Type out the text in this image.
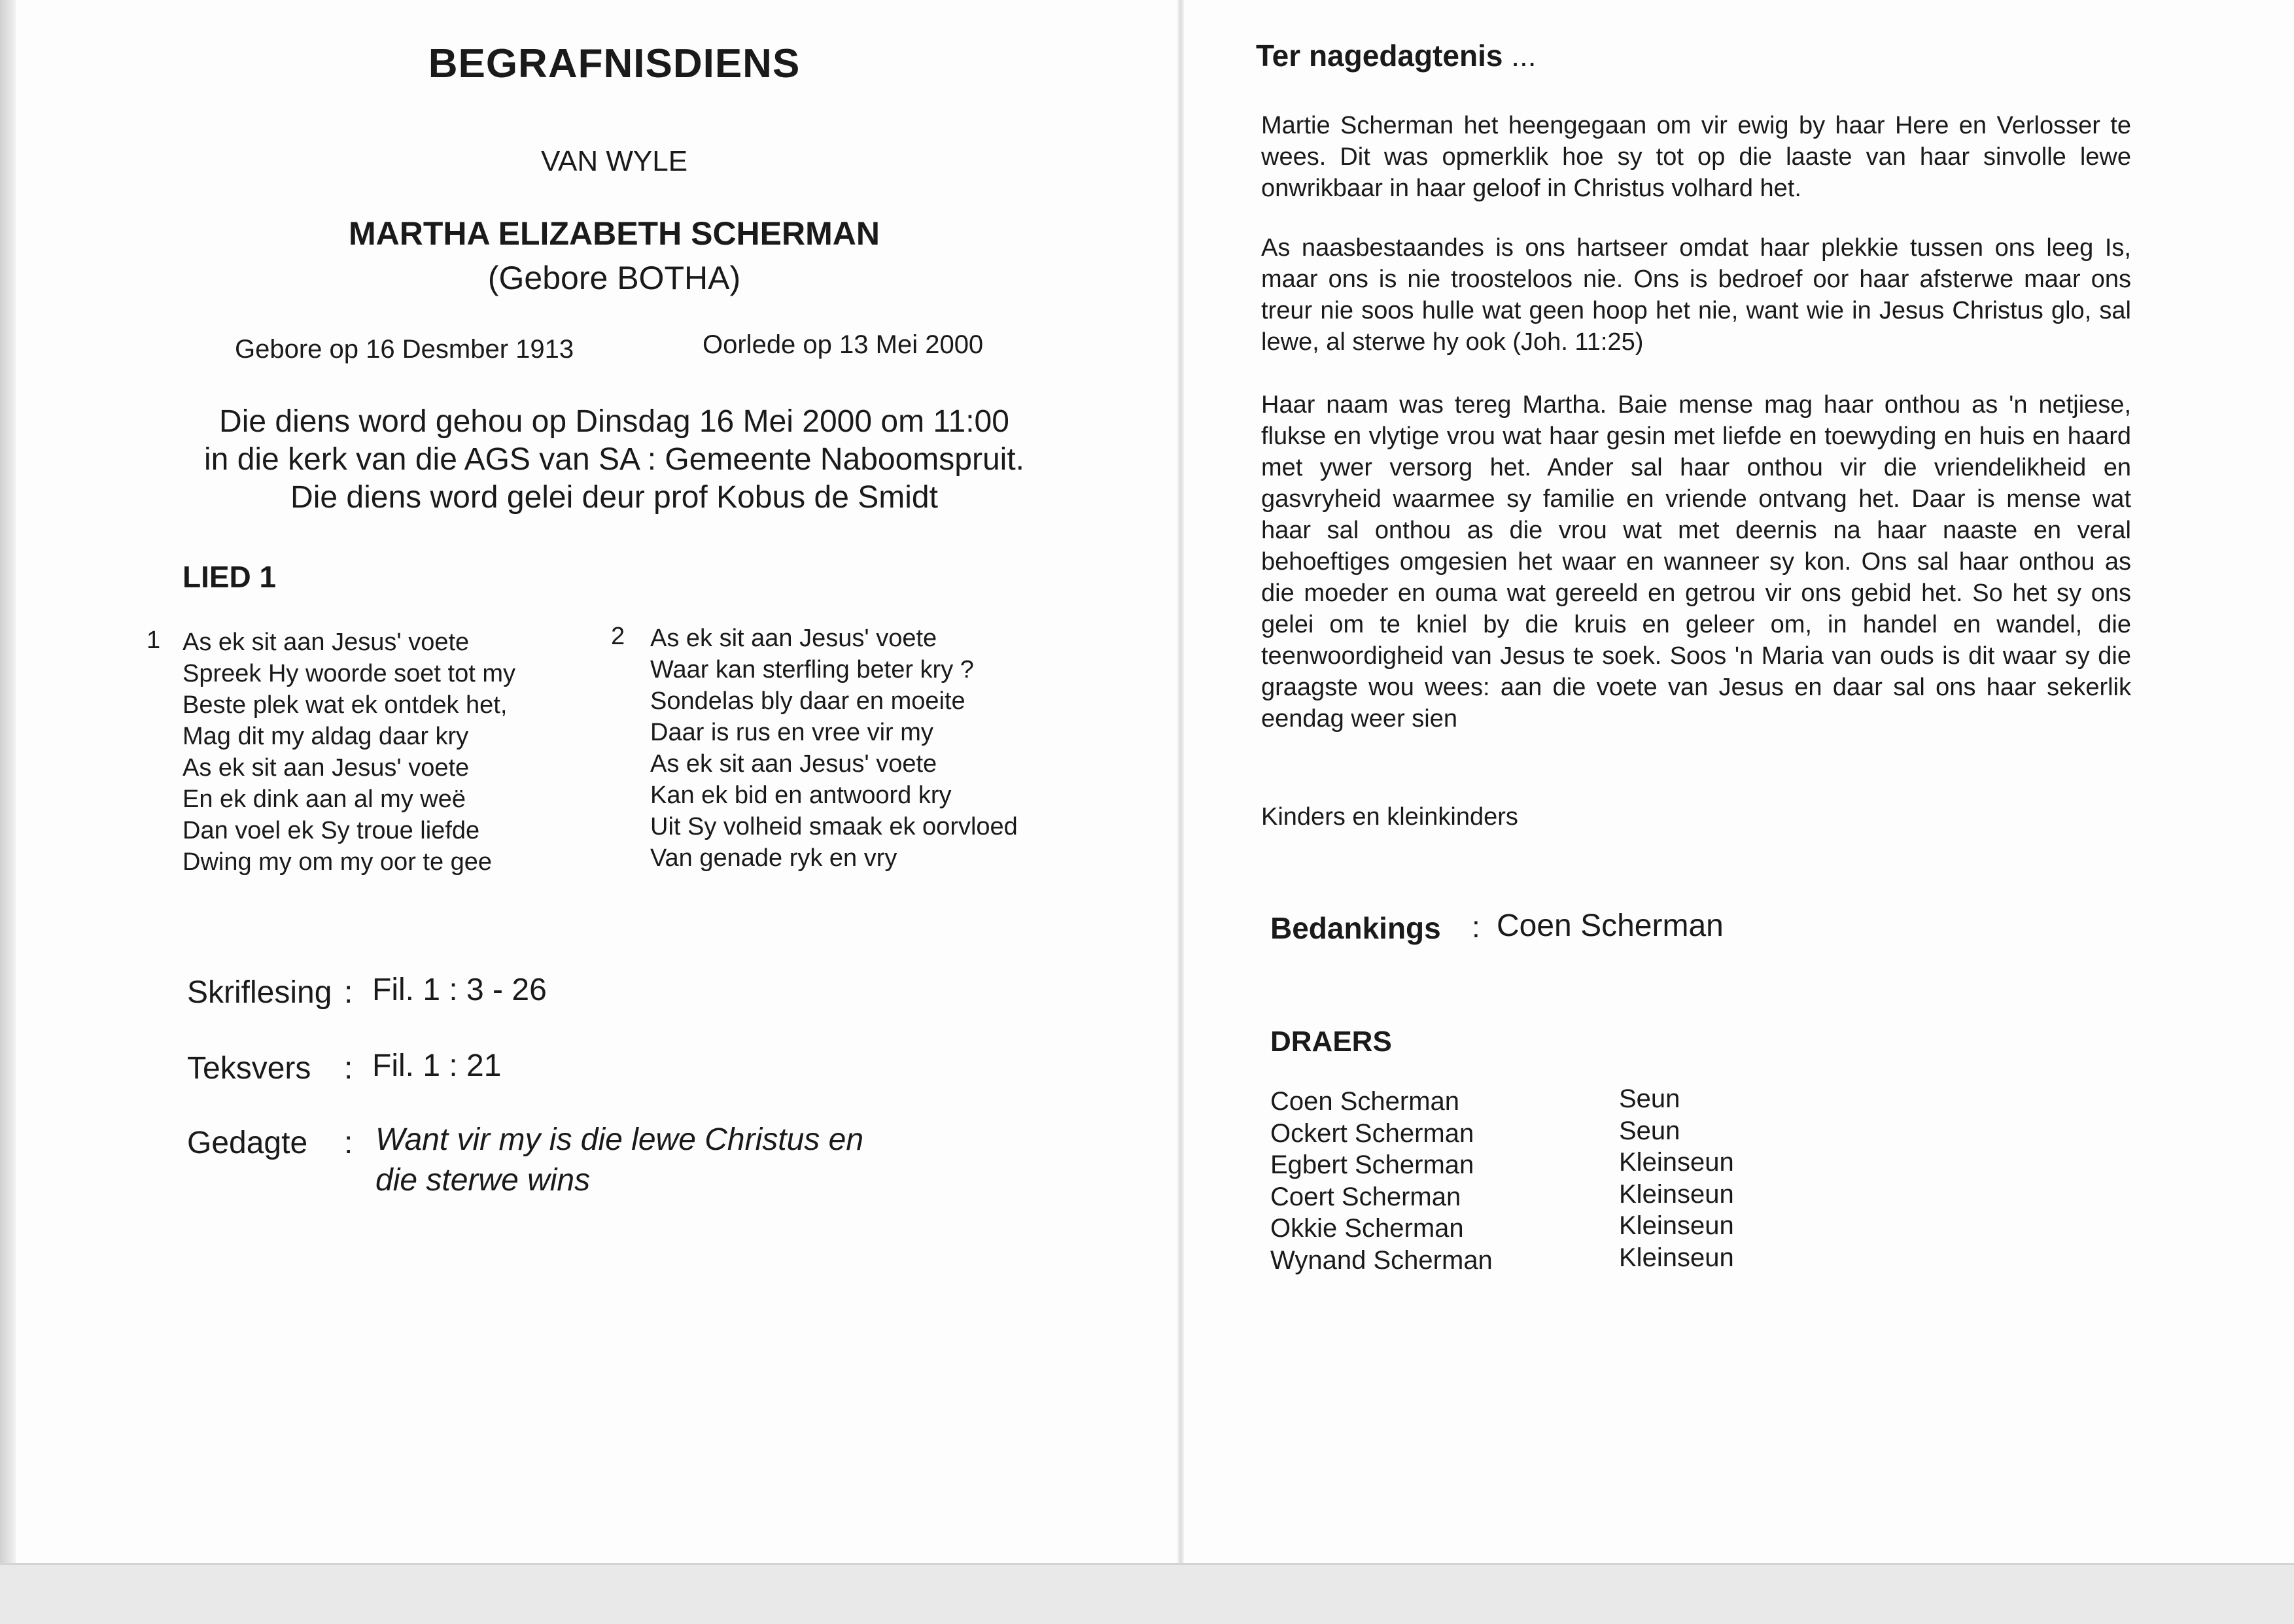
BEGRAFNISDIENS
VAN WYLE
MARTHA ELIZABETH SCHERMAN
(Gebore BOTHA)
Gebore op 16 Desmber 1913	Oorlede op 13 Mei 2000
Die diens word gehou op Dinsdag 16 Mei 2000 om 11:00
in die kerk van die AGS van SA : Gemeente Naboomspruit.
Die diens word gelei deur prof Kobus de Smidt
LIED 1
1 As ek sit aan Jesus' voete
Spreek Hy woorde soet tot my
Beste plek wat ek ontdek het,
Mag dit my aldag daar kry
As ek sit aan Jesus' voete
En ek dink aan al my weë
Dan voel ek Sy troue liefde
Dwing my om my oor te gee
2 As ek sit aan Jesus' voete
Waar kan sterfling beter kry ?
Sondelas bly daar en moeite
Daar is rus en vree vir my
As ek sit aan Jesus' voete
Kan ek bid en antwoord kry
Uit Sy volheid smaak ek oorvloed
Van genade ryk en vry
Skriflesing : Fil. 1 : 3 - 26
Teksvers : Fil. 1 : 21
Gedagte : Want vir my is die lewe Christus en
die sterwe wins
Ter nagedagtenis ...
Martie Scherman het heengegaan om vir ewig by haar Here en Verlosser te wees. Dit was opmerklik hoe sy tot op die laaste van haar sinvolle lewe onwrikbaar in haar geloof in Christus volhard het.
As naasbestaandes is ons hartseer omdat haar plekkie tussen ons leeg Is, maar ons is nie troosteloos nie. Ons is bedroef oor haar afsterwe maar ons treur nie soos hulle wat geen hoop het nie, want wie in Jesus Christus glo, sal lewe, al sterwe hy ook (Joh. 11:25)
Haar naam was tereg Martha. Baie mense mag haar onthou as 'n netjiese, flukse en vlytige vrou wat haar gesin met liefde en toewyding en huis en haard met ywer versorg het. Ander sal haar onthou vir die vriendelikheid en gasvryheid waarmee sy familie en vriende ontvang het. Daar is mense wat haar sal onthou as die vrou wat met deernis na haar naaste en veral behoeftiges omgesien het waar en wanneer sy kon. Ons sal haar onthou as die moeder en ouma wat gereeld en getrou vir ons gebid het. So het sy ons gelei om te kniel by die kruis en geleer om, in handel en wandel, die teenwoordigheid van Jesus te soek. Soos 'n Maria van ouds is dit waar sy die graagste wou wees: aan die voete van Jesus en daar sal ons haar sekerlik eendag weer sien
Kinders en kleinkinders
Bedankings : Coen Scherman
DRAERS
Coen Scherman
Ockert Scherman
Egbert Scherman
Coert Scherman
Okkie Scherman
Wynand Scherman
Seun
Seun
Kleinseun
Kleinseun
Kleinseun
Kleinseun
